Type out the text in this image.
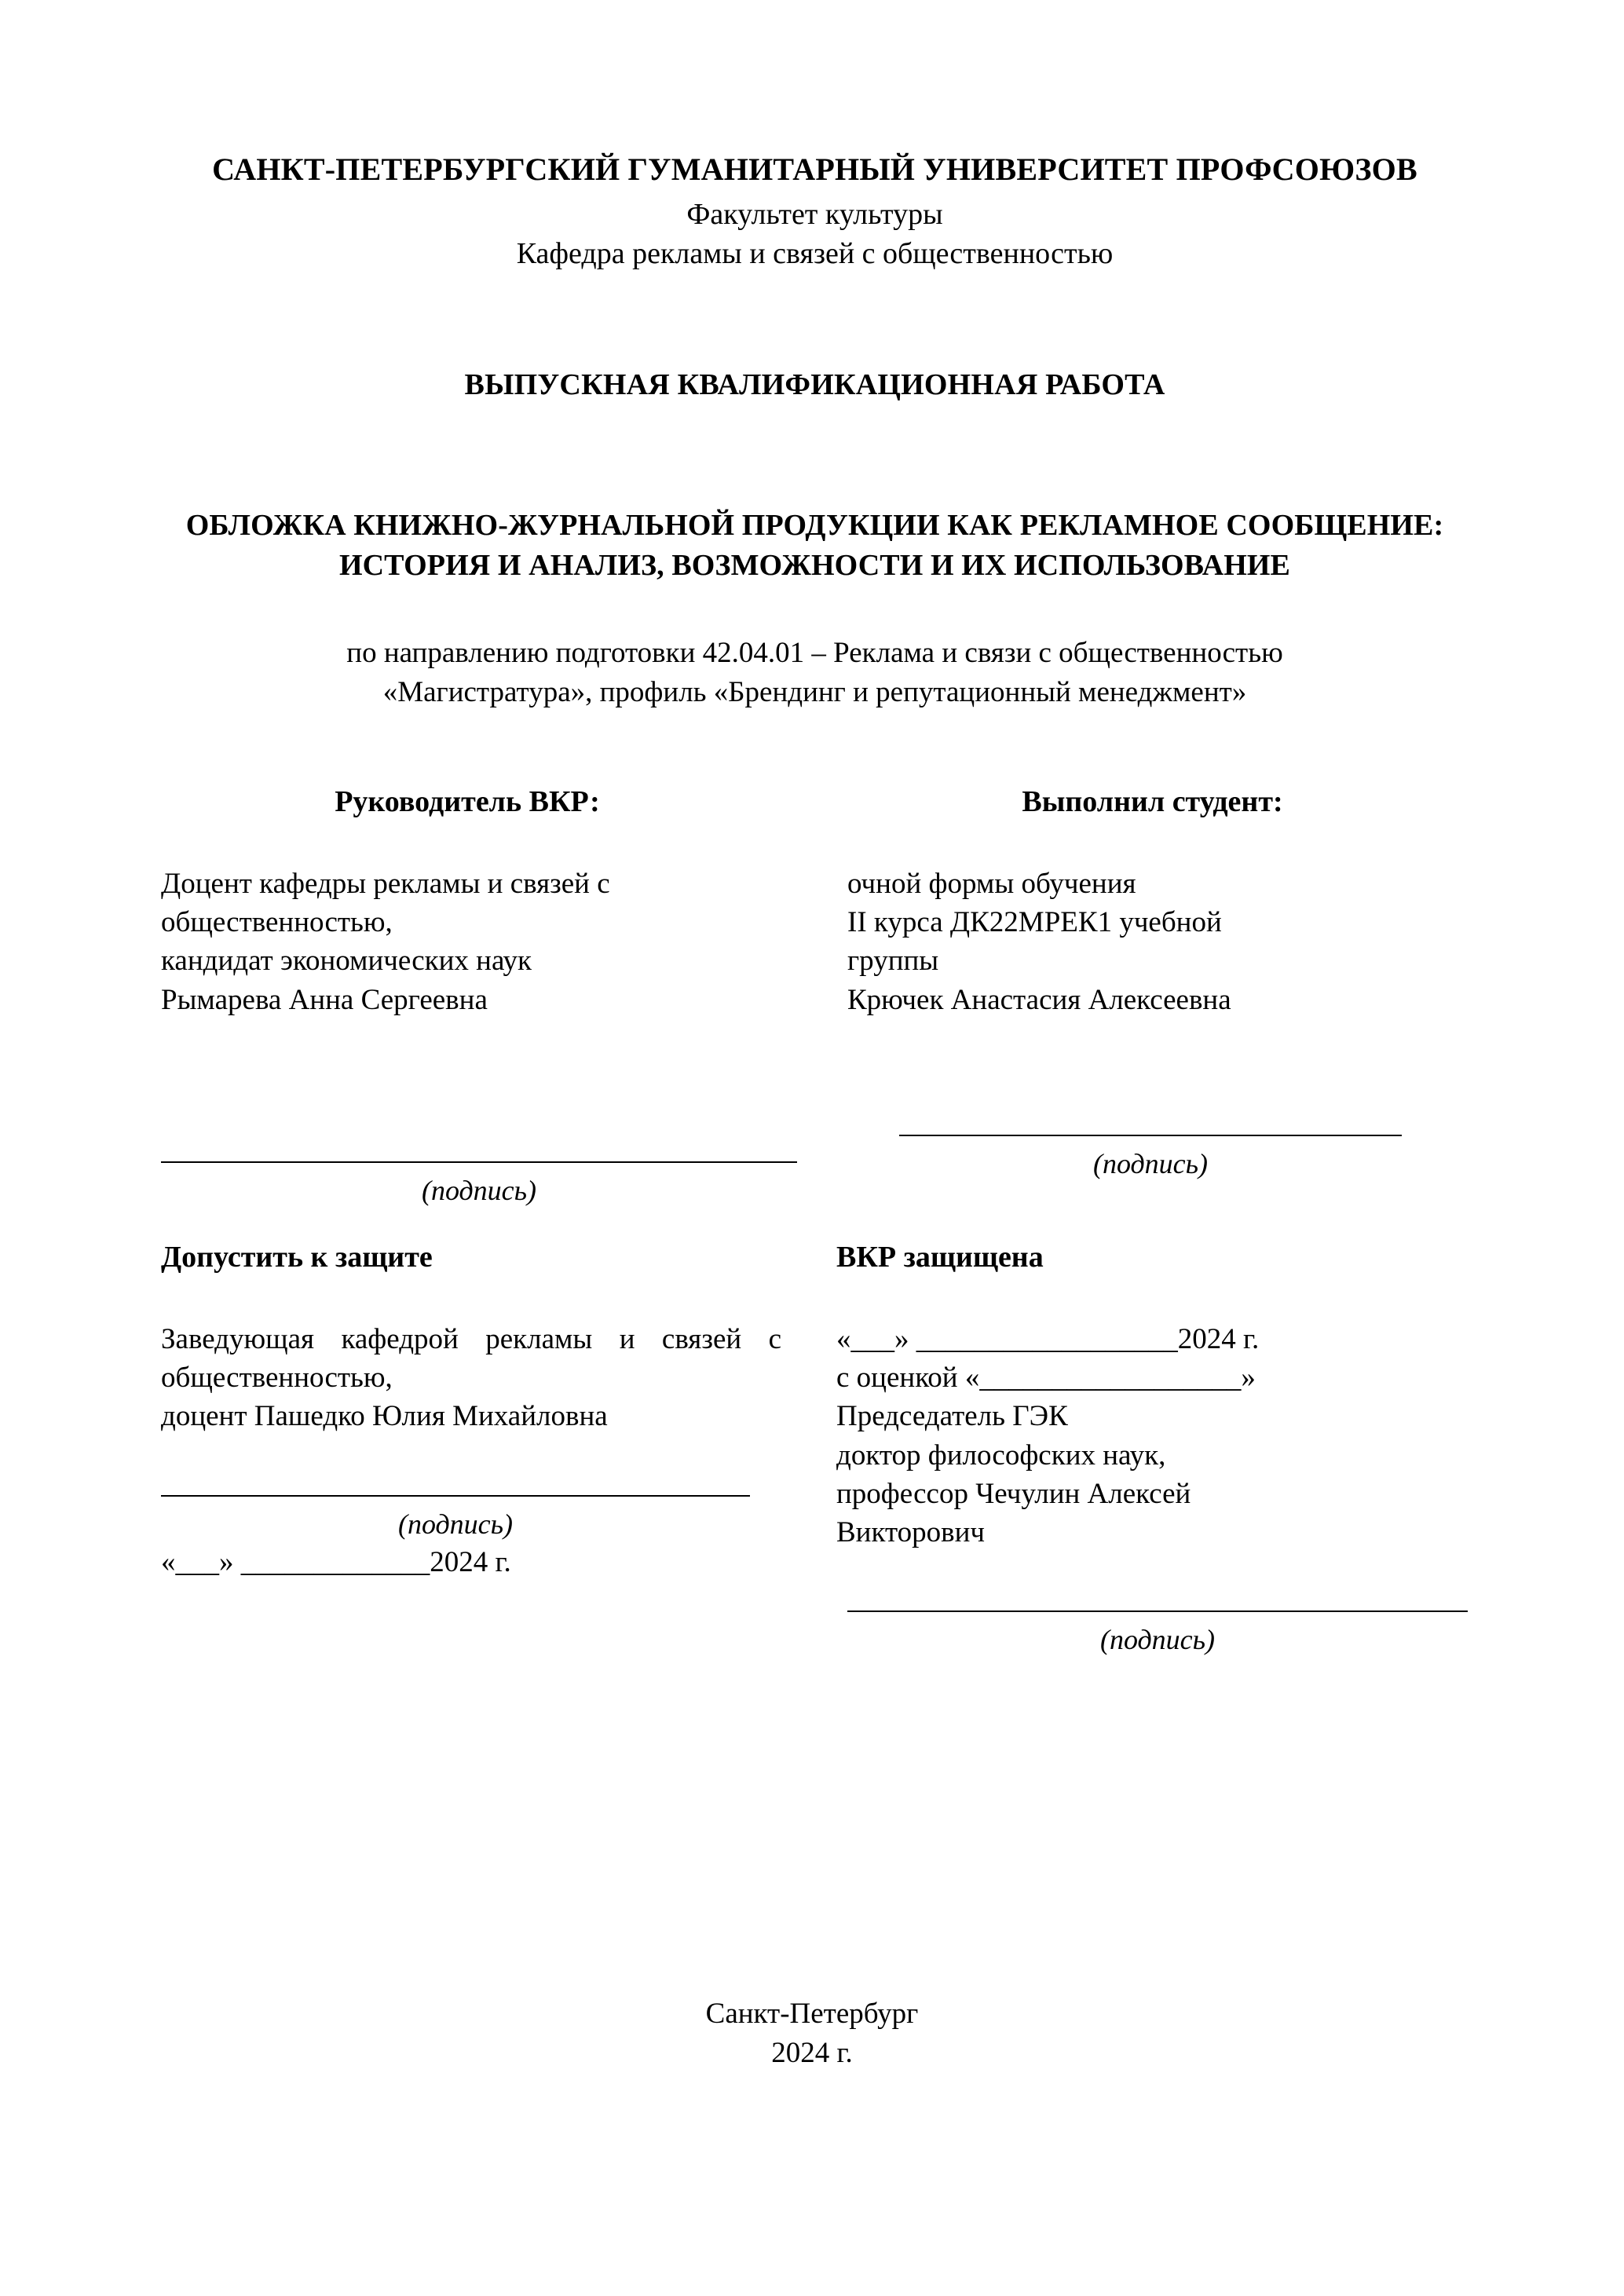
САНКТ-ПЕТЕРБУРГСКИЙ ГУМАНИТАРНЫЙ УНИВЕРСИТЕТ ПРОФСОЮЗОВ
Факультет культуры
Кафедра рекламы и связей с общественностью
ВЫПУСКНАЯ КВАЛИФИКАЦИОННАЯ РАБОТА
ОБЛОЖКА КНИЖНО-ЖУРНАЛЬНОЙ ПРОДУКЦИИ КАК РЕКЛАМНОЕ СООБЩЕНИЕ: ИСТОРИЯ И АНАЛИЗ, ВОЗМОЖНОСТИ И ИХ ИСПОЛЬЗОВАНИЕ
по направлению подготовки 42.04.01 – Реклама и связи с общественностью
«Магистратура», профиль «Брендинг и репутационный менеджмент»
Руководитель ВКР:
Доцент кафедры рекламы и связей с
общественностью,
кандидат экономических наук
Рымарева Анна Сергеевна
(подпись)
Выполнил студент:
очной формы обучения
II курса ДК22МРЕК1 учебной
группы
Крючек Анастасия Алексеевна
(подпись)
Допустить к защите
Заведующая кафедрой рекламы и связей с общественностью,
доцент Пашедко Юлия Михайловна
(подпись)
«___» _____________2024 г.
ВКР защищена
«___» __________________2024 г.
с оценкой «__________________»
Председатель ГЭК
доктор философских наук,
профессор Чечулин Алексей
Викторович
(подпись)
Санкт-Петербург
2024 г.
